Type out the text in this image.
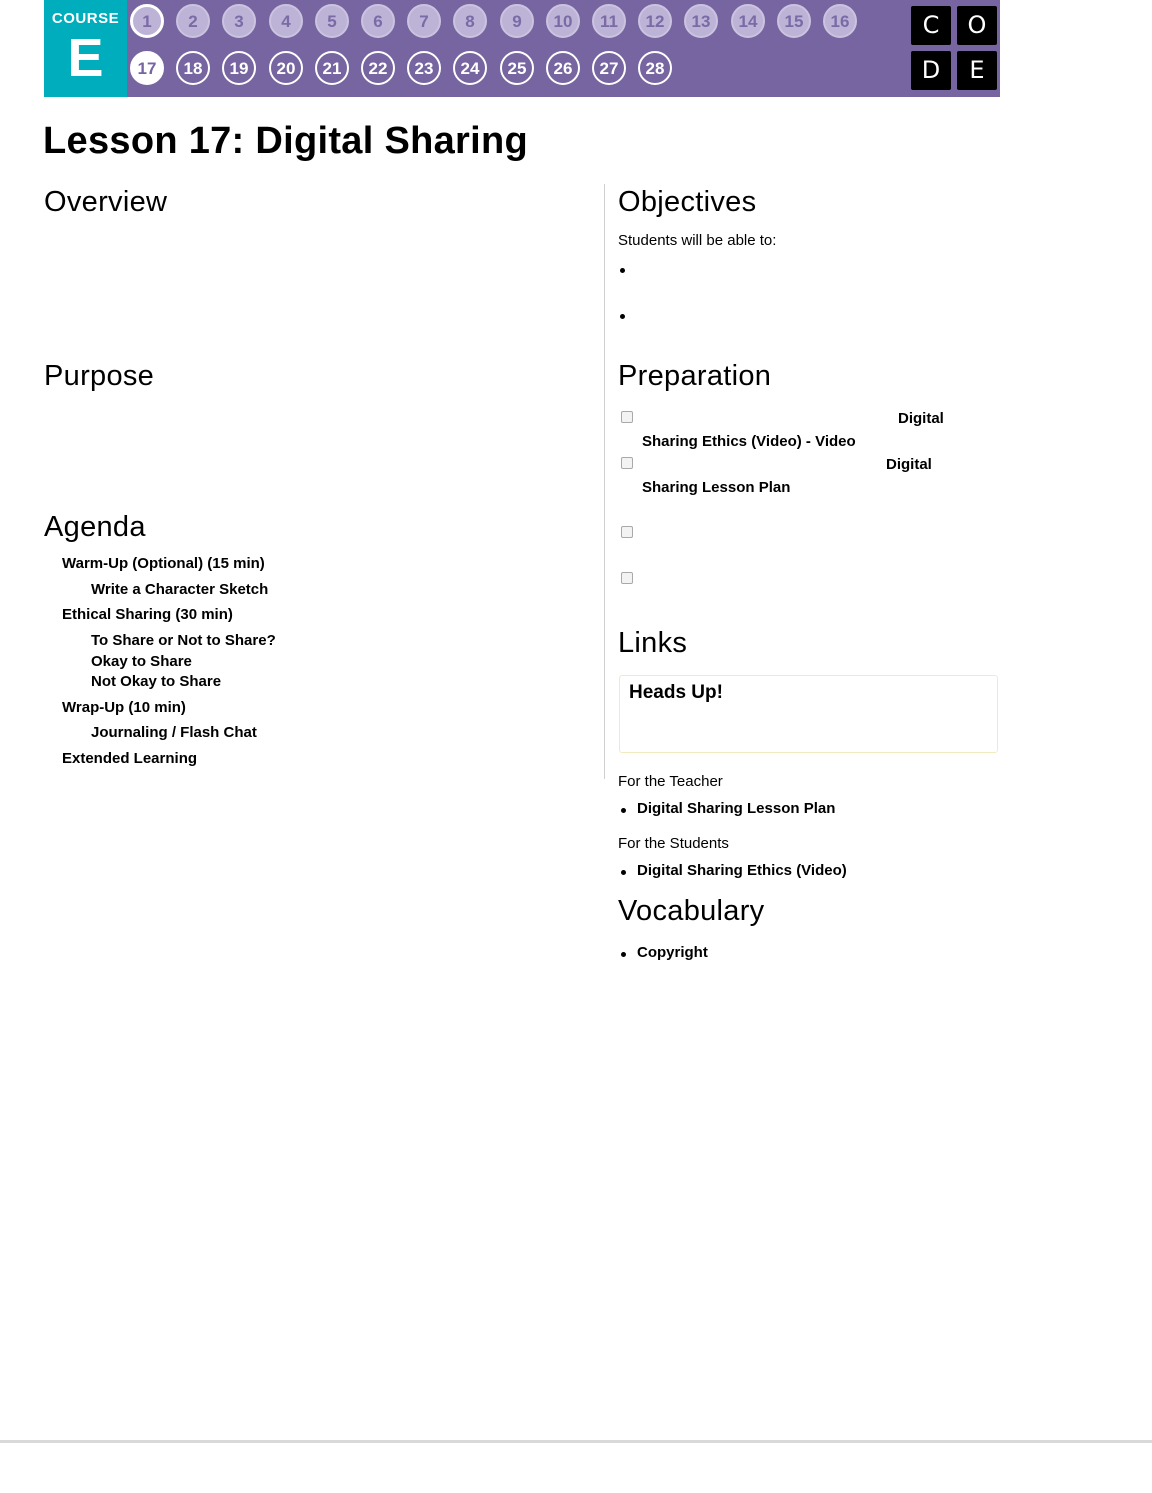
COURSE
E
1	2	3	4	5	6	7	8	9	10	11	12	13	14	15	16
17	18	19	20	21	22	23	24	25	26	27	28
C	O
D	E
Lesson 17: Digital Sharing
Overview
Purpose
Agenda
Warm-Up (Optional) (15 min)
Write a Character Sketch
Ethical Sharing (30 min)
To Share or Not to Share?
Okay to Share
Not Okay to Share
Wrap-Up (10 min)
Journaling / Flash Chat
Extended Learning
Objectives
Students will be able to:
Preparation
Digital
Sharing Ethics (Video) - Video
Digital
Sharing Lesson Plan
Links
Heads Up!
For the Teacher
Digital Sharing Lesson Plan
For the Students
Digital Sharing Ethics (Video)
Vocabulary
Copyright
